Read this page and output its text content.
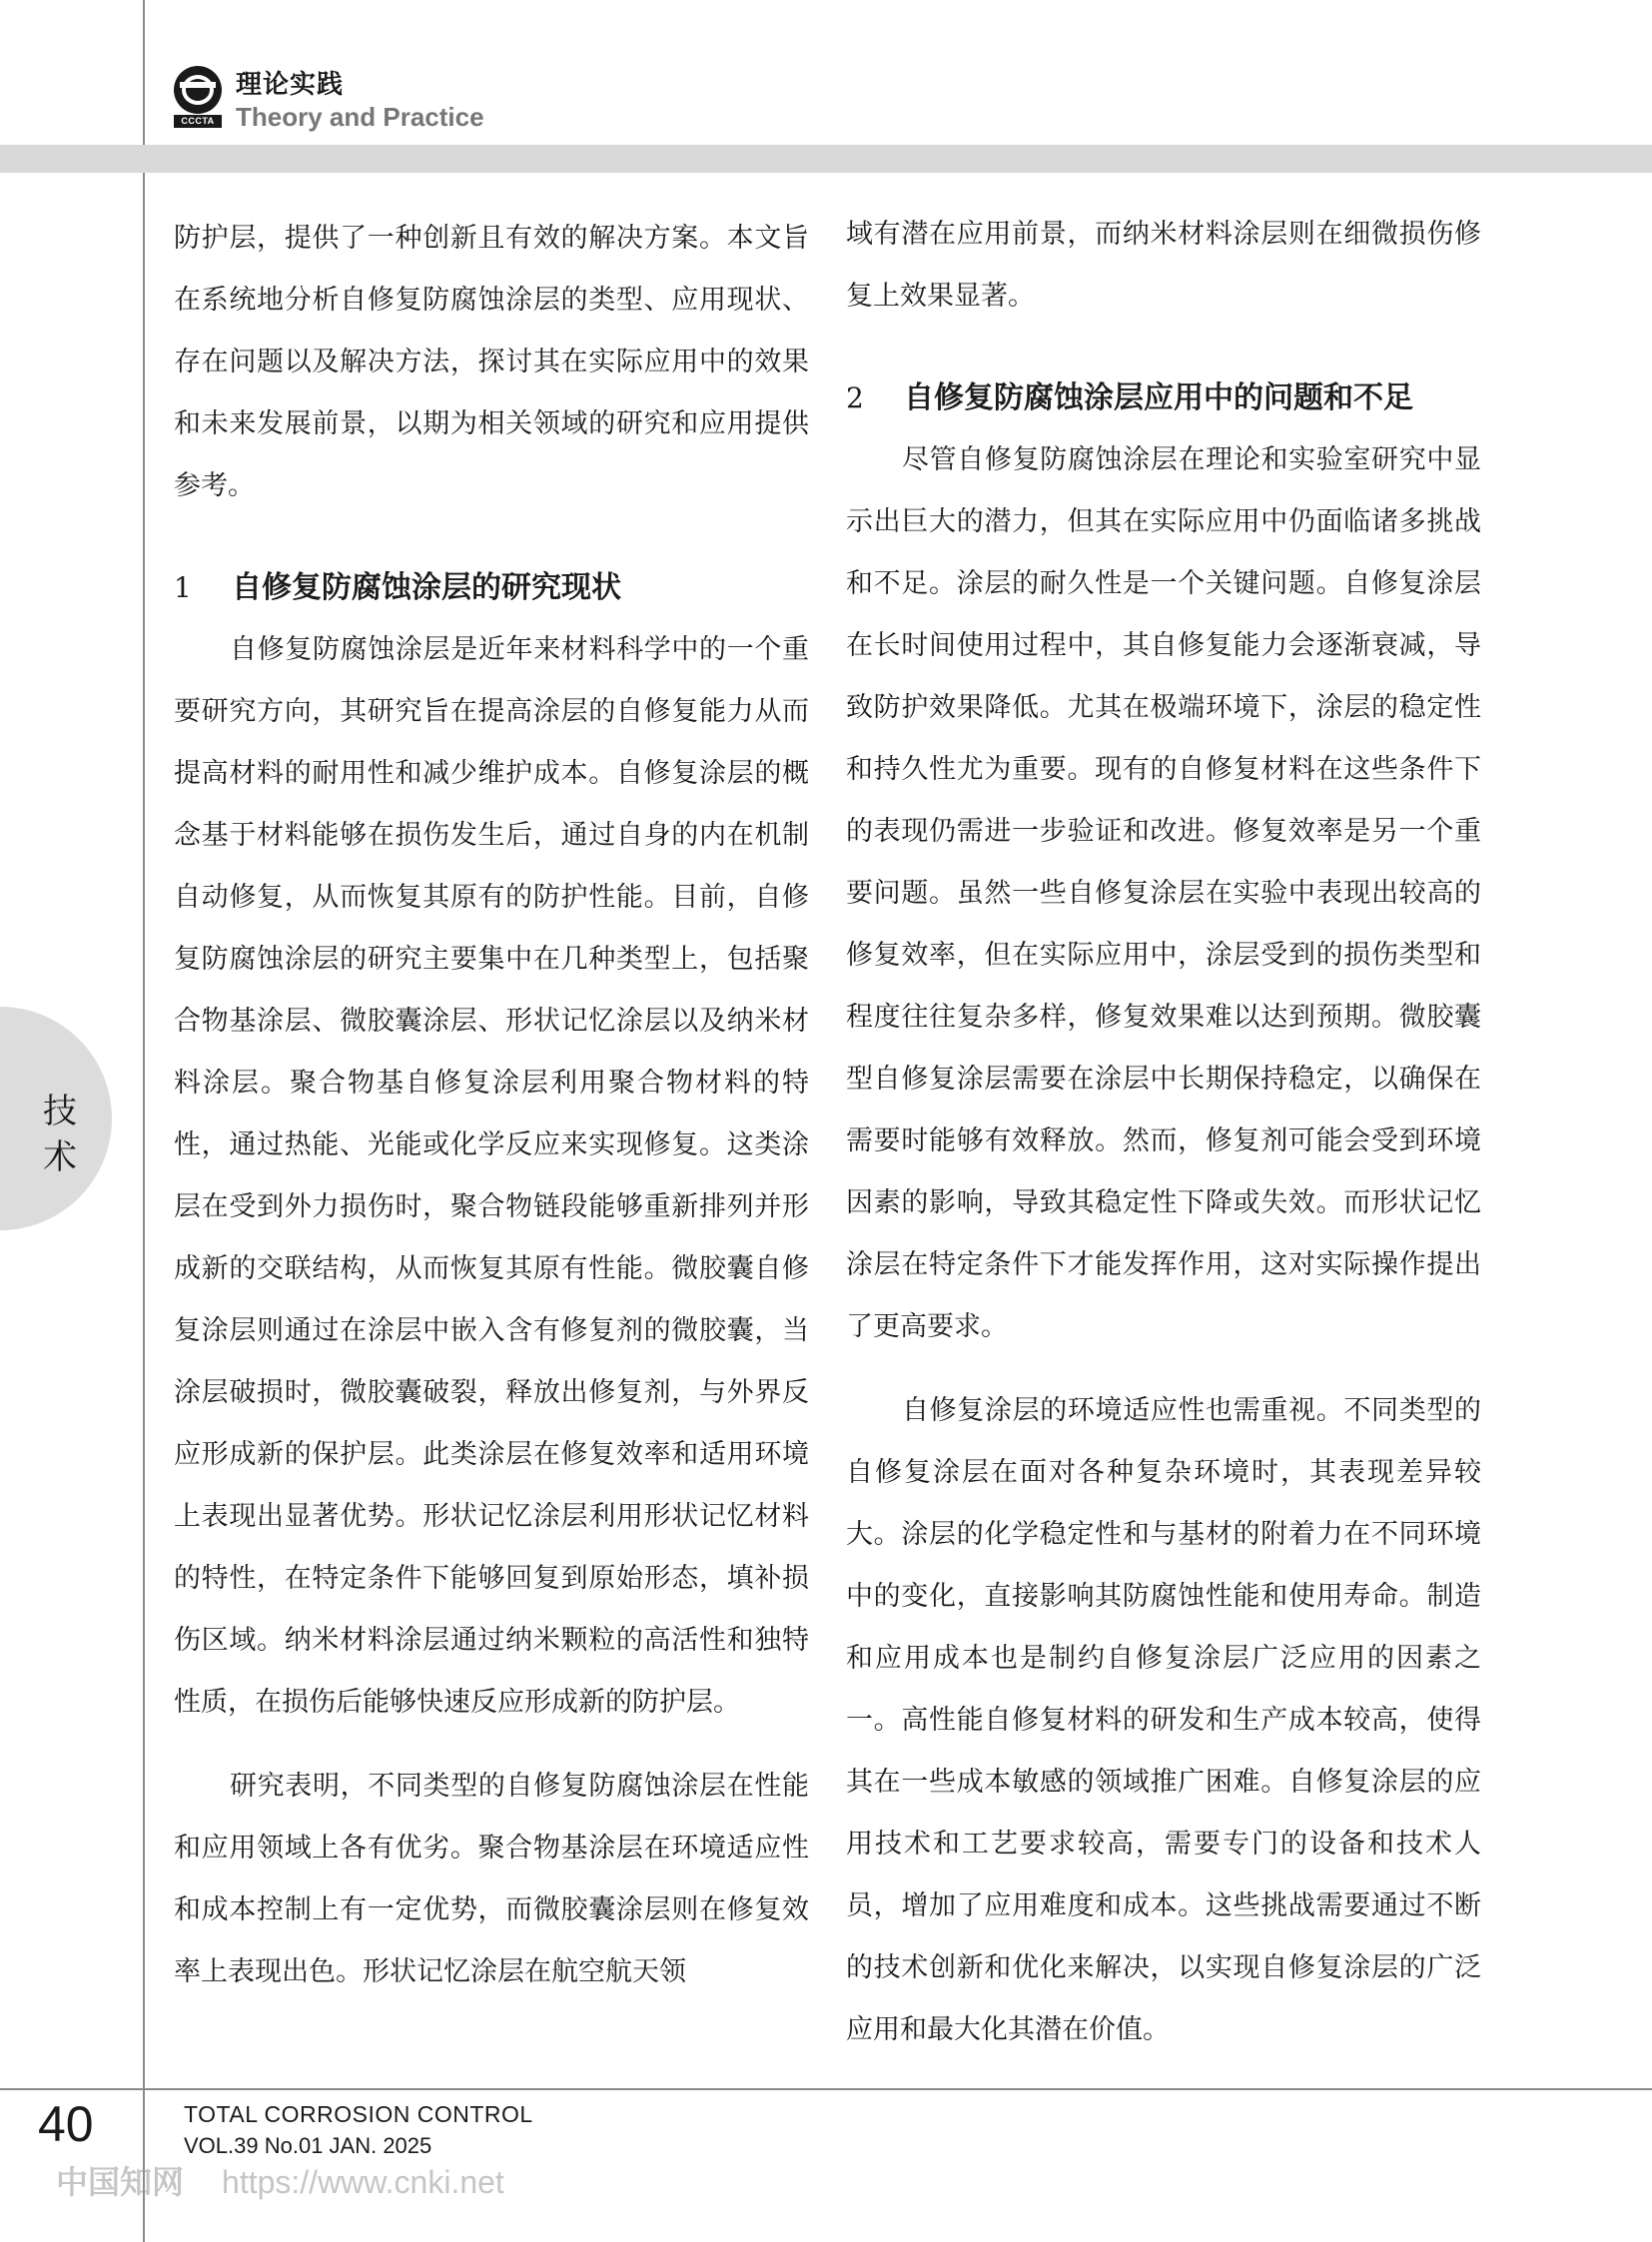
CCCTA
理论实践
Theory and Practice
技
术

防护层，提供了一种创新且有效的解决方案。本文旨在系统地分析自修复防腐蚀涂层的类型、应用现状、存在问题以及解决方法，探讨其在实际应用中的效果和未来发展前景，以期为相关领域的研究和应用提供参考。

1	自修复防腐蚀涂层的研究现状

自修复防腐蚀涂层是近年来材料科学中的一个重要研究方向，其研究旨在提高涂层的自修复能力从而提高材料的耐用性和减少维护成本。自修复涂层的概念基于材料能够在损伤发生后，通过自身的内在机制自动修复，从而恢复其原有的防护性能。目前，自修复防腐蚀涂层的研究主要集中在几种类型上，包括聚合物基涂层、微胶囊涂层、形状记忆涂层以及纳米材料涂层。聚合物基自修复涂层利用聚合物材料的特性，通过热能、光能或化学反应来实现修复。这类涂层在受到外力损伤时，聚合物链段能够重新排列并形成新的交联结构，从而恢复其原有性能。微胶囊自修复涂层则通过在涂层中嵌入含有修复剂的微胶囊，当涂层破损时，微胶囊破裂，释放出修复剂，与外界反应形成新的保护层。此类涂层在修复效率和适用环境上表现出显著优势。形状记忆涂层利用形状记忆材料的特性，在特定条件下能够回复到原始形态，填补损伤区域。纳米材料涂层通过纳米颗粒的高活性和独特性质，在损伤后能够快速反应形成新的防护层。

研究表明，不同类型的自修复防腐蚀涂层在性能和应用领域上各有优劣。聚合物基涂层在环境适应性和成本控制上有一定优势，而微胶囊涂层则在修复效率上表现出色。形状记忆涂层在航空航天领

域有潜在应用前景，而纳米材料涂层则在细微损伤修复上效果显著。

2	自修复防腐蚀涂层应用中的问题和不足

尽管自修复防腐蚀涂层在理论和实验室研究中显示出巨大的潜力，但其在实际应用中仍面临诸多挑战和不足。涂层的耐久性是一个关键问题。自修复涂层在长时间使用过程中，其自修复能力会逐渐衰减，导致防护效果降低。尤其在极端环境下，涂层的稳定性和持久性尤为重要。现有的自修复材料在这些条件下的表现仍需进一步验证和改进。修复效率是另一个重要问题。虽然一些自修复涂层在实验中表现出较高的修复效率，但在实际应用中，涂层受到的损伤类型和程度往往复杂多样，修复效果难以达到预期。微胶囊型自修复涂层需要在涂层中长期保持稳定，以确保在需要时能够有效释放。然而，修复剂可能会受到环境因素的影响，导致其稳定性下降或失效。而形状记忆涂层在特定条件下才能发挥作用，这对实际操作提出了更高要求。

自修复涂层的环境适应性也需重视。不同类型的自修复涂层在面对各种复杂环境时，其表现差异较大。涂层的化学稳定性和与基材的附着力在不同环境中的变化，直接影响其防腐蚀性能和使用寿命。制造和应用成本也是制约自修复涂层广泛应用的因素之一。高性能自修复材料的研发和生产成本较高，使得其在一些成本敏感的领域推广困难。自修复涂层的应用技术和工艺要求较高，需要专门的设备和技术人员，增加了应用难度和成本。这些挑战需要通过不断的技术创新和优化来解决，以实现自修复涂层的广泛应用和最大化其潜在价值。

40	TOTAL CORROSION CONTROL
VOL.39 No.01 JAN. 2025
中国知网 https://www.cnki.net
